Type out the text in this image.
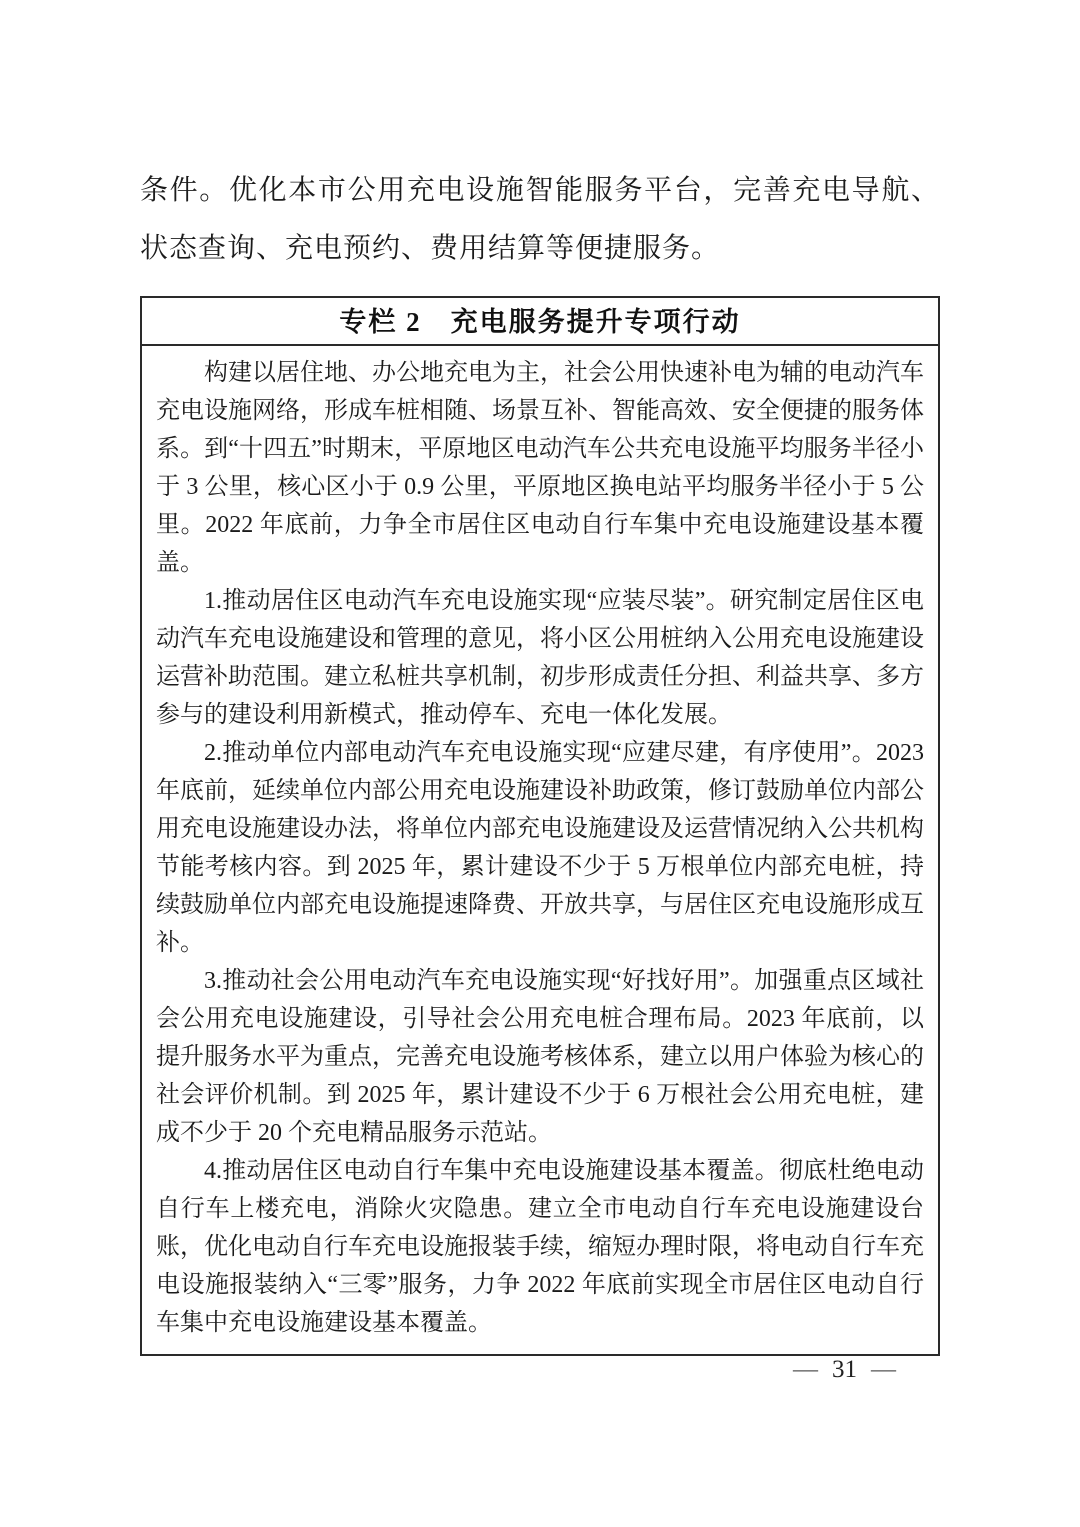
条件。优化本市公用充电设施智能服务平台，完善充电导航、状态查询、充电预约、费用结算等便捷服务。
专栏 2　充电服务提升专项行动

构建以居住地、办公地充电为主，社会公用快速补电为辅的电动汽车充电设施网络，形成车桩相随、场景互补、智能高效、安全便捷的服务体系。到“十四五”时期末，平原地区电动汽车公共充电设施平均服务半径小于 3 公里，核心区小于 0.9 公里，平原地区换电站平均服务半径小于 5 公里。2022 年底前，力争全市居住区电动自行车集中充电设施建设基本覆盖。

1.推动居住区电动汽车充电设施实现“应装尽装”。研究制定居住区电动汽车充电设施建设和管理的意见，将小区公用桩纳入公用充电设施建设运营补助范围。建立私桩共享机制，初步形成责任分担、利益共享、多方参与的建设利用新模式，推动停车、充电一体化发展。

2.推动单位内部电动汽车充电设施实现“应建尽建，有序使用”。2023 年底前，延续单位内部公用充电设施建设补助政策，修订鼓励单位内部公用充电设施建设办法，将单位内部充电设施建设及运营情况纳入公共机构节能考核内容。到 2025 年，累计建设不少于 5 万根单位内部充电桩，持续鼓励单位内部充电设施提速降费、开放共享，与居住区充电设施形成互补。

3.推动社会公用电动汽车充电设施实现“好找好用”。加强重点区域社会公用充电设施建设，引导社会公用充电桩合理布局。2023 年底前，以提升服务水平为重点，完善充电设施考核体系，建立以用户体验为核心的社会评价机制。到 2025 年，累计建设不少于 6 万根社会公用充电桩，建成不少于 20 个充电精品服务示范站。

4.推动居住区电动自行车集中充电设施建设基本覆盖。彻底杜绝电动自行车上楼充电，消除火灾隐患。建立全市电动自行车充电设施建设台账，优化电动自行车充电设施报装手续，缩短办理时限，将电动自行车充电设施报装纳入“三零”服务，力争 2022 年底前实现全市居住区电动自行车集中充电设施建设基本覆盖。

— 31 —
